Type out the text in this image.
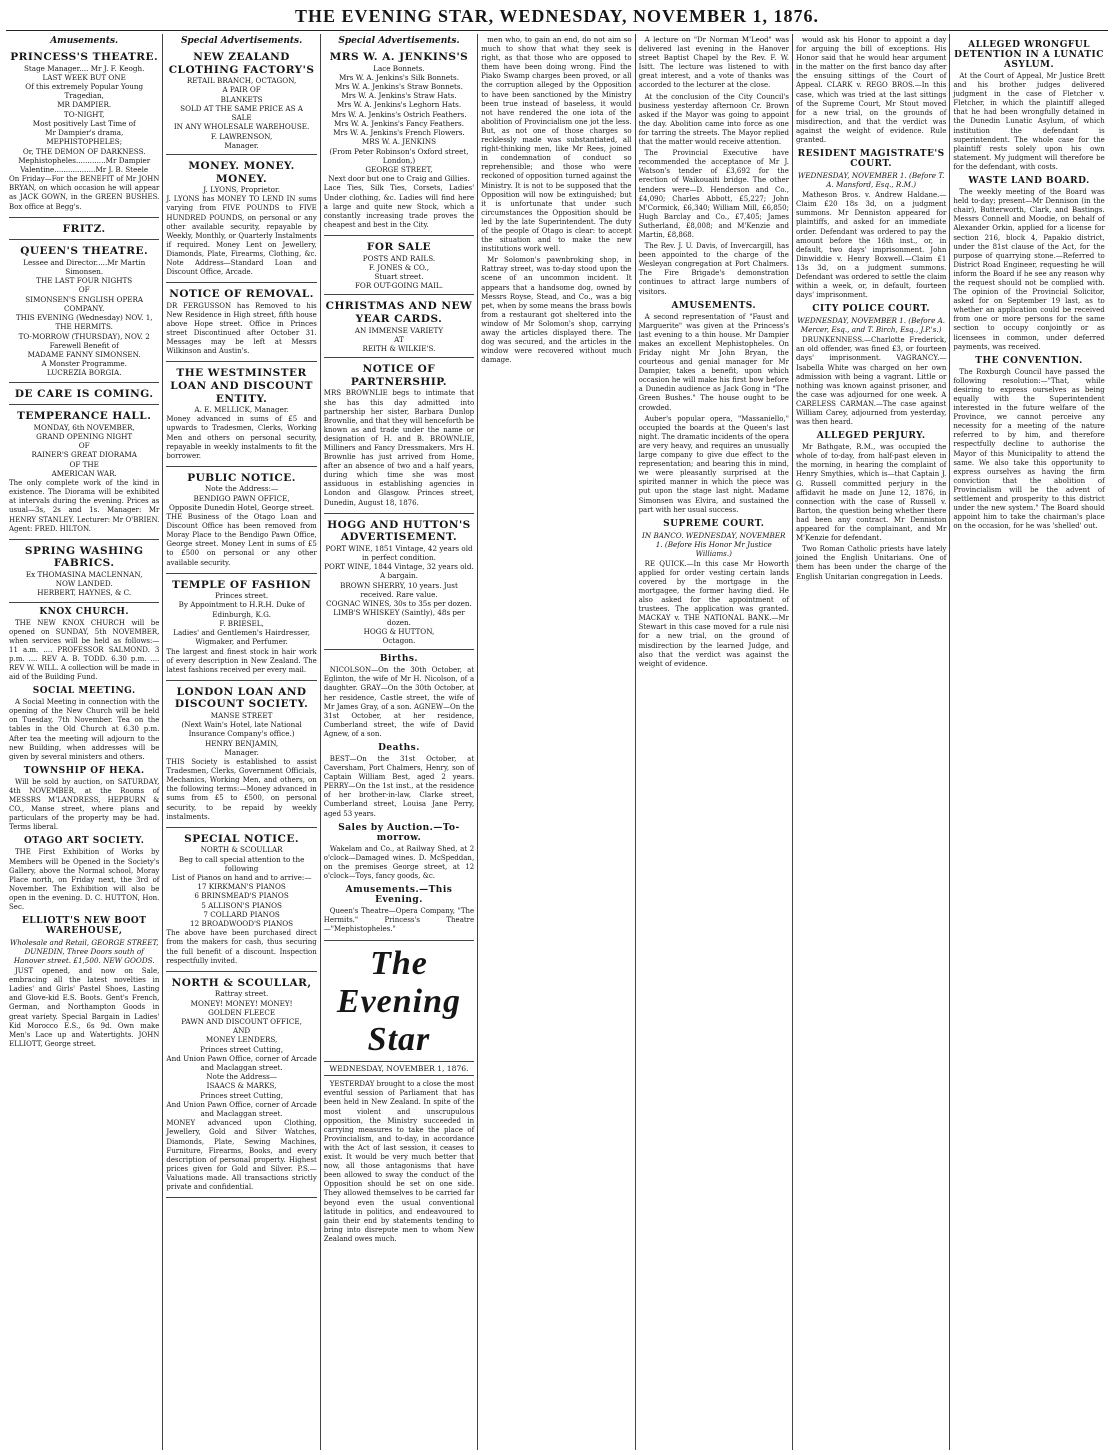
THE EVENING STAR, WEDNESDAY, NOVEMBER 1, 1876.
Amusements.
PRINCESS'S THEATRE.

Stage Manager.... Mr J. F. Keogh.

LAST WEEK BUT ONE

Of this extremely Popular Young Tragedian,

MR DAMPIER.

TO-NIGHT,

Most positively Last Time of

Mr Dampier's drama,

MEPHISTOPHELES;

Or, THE DEMON OF DARKNESS.

Mephistopheles.............Mr Dampier

Valentine..................Mr J. B. Steele

On Friday—For the BENEFIT of Mr JOHN BRYAN, on which occasion he will appear as JACK GOWN, in the GREEN BUSHES. Box office at Begg's.

FRITZ.
QUEEN'S THEATRE.

Lessee and Director.....Mr Martin Simonsen.

THE LAST FOUR NIGHTS

OF

SIMONSEN'S ENGLISH OPERA COMPANY.

THIS EVENING (Wednesday) NOV. 1,

THE HERMITS.

TO-MORROW (THURSDAY), NOV. 2

Farewell Benefit of

MADAME FANNY SIMONSEN.

A Monster Programme.

LUCREZIA BORGIA.

DE CARE IS COMING.
TEMPERANCE HALL.

MONDAY, 6th NOVEMBER,

GRAND OPENING NIGHT

OF

RAINER'S GREAT DIORAMA

OF THE

AMERICAN WAR.

The only complete work of the kind in existence. The Diorama will be exhibited at intervals during the evening. Prices as usual—3s, 2s and 1s. Manager: Mr HENRY STANLEY. Lecturer: Mr O'BRIEN. Agent: FRED. HILTON.

SPRING WASHING FABRICS.

Ex THOMASINA MACLENNAN,

NOW LANDED.

HERBERT, HAYNES, & C.

KNOX CHURCH.

THE NEW KNOX CHURCH will be opened on SUNDAY, 5th NOVEMBER, when services will be held as follows:— 11 a.m. .... PROFESSOR SALMOND. 3 p.m. .... REV A. B. TODD. 6.30 p.m. .... REV W. WILL. A collection will be made in aid of the Building Fund.

SOCIAL MEETING.

A Social Meeting in connection with the opening of the New Church will be held on Tuesday, 7th November. Tea on the tables in the Old Church at 6.30 p.m. After tea the meeting will adjourn to the new Building, when addresses will be given by several ministers and others.

TOWNSHIP OF HEKA.

Will be sold by auction, on SATURDAY, 4th NOVEMBER, at the Rooms of MESSRS M'LANDRESS, HEPBURN & CO., Manse street, where plans and particulars of the property may be had. Terms liberal.

OTAGO ART SOCIETY.

THE First Exhibition of Works by Members will be Opened in the Society's Gallery, above the Normal school, Moray Place north, on Friday next, the 3rd of November. The Exhibition will also be open in the evening. D. C. HUTTON, Hon. Sec.

ELLIOTT'S NEW BOOT WAREHOUSE,
Wholesale and Retail, GEORGE STREET, DUNEDIN, Three Doors south of Hanover street. £1,500. NEW GOODS.

JUST opened, and now on Sale, embracing all the latest novelties in Ladies' and Girls' Pastel Shoes, Lasting and Glove-kid E.S. Boots. Gent's French, German, and Northampton Goods in great variety. Special Bargain in Ladies' Kid Morocco E.S., 6s 9d. Own make Men's Lace up and Watertights. JOHN ELLIOTT, George street.

Special Advertisements.
NEW ZEALAND CLOTHING FACTORY'S

RETAIL BRANCH, OCTAGON,

A PAIR OF

BLANKETS

SOLD AT THE SAME PRICE AS A

SALE

IN ANY WHOLESALE WAREHOUSE.

F. LAWRENSON,

Manager.

MONEY. MONEY. MONEY.

J. LYONS, Proprietor.

J. LYONS has MONEY TO LEND IN sums varying from FIVE POUNDS to FIVE HUNDRED POUNDS, on personal or any other available security, repayable by Weekly, Monthly, or Quarterly Instalments if required. Money Lent on Jewellery, Diamonds, Plate, Firearms, Clothing, &c. Note Address—Standard Loan and Discount Office, Arcade.

NOTICE OF REMOVAL.

DR FERGUSSON has Removed to his New Residence in High street, fifth house above Hope street. Office in Princes street Discontinued after October 31. Messages may be left at Messrs Wilkinson and Austin's.

THE WESTMINSTER LOAN AND DISCOUNT ENTITY.

A. E. MELLICK, Manager.

Money advanced in sums of £5 and upwards to Tradesmen, Clerks, Working Men and others on personal security, repayable in weekly instalments to fit the borrower.

PUBLIC NOTICE.

Note the Address:—

BENDIGO PAWN OFFICE,

Opposite Dunedin Hotel, George street.

THE Business of the Otago Loan and Discount Office has been removed from Moray Place to the Bendigo Pawn Office, George street. Money Lent in sums of £5 to £500 on personal or any other available security.

TEMPLE OF FASHION

Princes street.

By Appointment to H.R.H. Duke of Edinburgh, K.G.

F. BRIESEL,

Ladies' and Gentlemen's Hairdresser, Wigmaker, and Perfumer.

The largest and finest stock in hair work of every description in New Zealand. The latest fashions received per every mail.

LONDON LOAN AND DISCOUNT SOCIETY.

MANSE STREET

(Next Wain's Hotel, late National Insurance Company's office.)

HENRY BENJAMIN,

Manager.

THIS Society is established to assist Tradesmen, Clerks, Government Officials, Mechanics, Working Men, and others, on the following terms:—Money advanced in sums from £5 to £500, on personal security, to be repaid by weekly instalments.

SPECIAL NOTICE.

NORTH & SCOULLAR

Beg to call special attention to the following

List of Pianos on hand and to arrive:—

17 KIRKMAN'S PIANOS

6 BRINSMEAD'S PIANOS

5 ALLISON'S PIANOS

7 COLLARD PIANOS

12 BROADWOOD'S PIANOS

The above have been purchased direct from the makers for cash, thus securing the full benefit of a discount. Inspection respectfully invited.

NORTH & SCOULLAR,

Rattray street.

MONEY! MONEY! MONEY!

GOLDEN FLEECE

PAWN AND DISCOUNT OFFICE,

AND

MONEY LENDERS,

Princes street Cutting,

And Union Pawn Office, corner of Arcade and Maclaggan street.

Note the Address—

ISAACS & MARKS,

Princes street Cutting,

And Union Pawn Office, corner of Arcade and Maclaggan street.

MONEY advanced upon Clothing, Jewellery, Gold and Silver Watches, Diamonds, Plate, Sewing Machines, Furniture, Firearms, Books, and every description of personal property. Highest prices given for Gold and Silver. P.S.—Valuations made. All transactions strictly private and confidential.

Special Advertisements.
MRS W. A. JENKINS'S

Lace Bonnets.

Mrs W. A. Jenkins's Silk Bonnets.

Mrs W. A. Jenkins's Straw Bonnets.

Mrs W. A. Jenkins's Straw Hats.

Mrs W. A. Jenkins's Leghorn Hats.

Mrs W. A. Jenkins's Ostrich Feathers.

Mrs W. A. Jenkins's Fancy Feathers.

Mrs W. A. Jenkins's French Flowers.

MRS W. A. JENKINS

(From Peter Robinson's Oxford street, London,)

GEORGE STREET,

Next door but one to Craig and Gillies.

Lace Ties, Silk Ties, Corsets, Ladies' Under clothing, &c. Ladies will find here a large and quite new Stock, which a constantly increasing trade proves the cheapest and best in the City.

FOR SALE

POSTS AND RAILS.

F. JONES & CO.,

Stuart street.

FOR OUT-GOING MAIL.

CHRISTMAS AND NEW YEAR CARDS.

AN IMMENSE VARIETY

AT

REITH & WILKIE'S.

NOTICE OF PARTNERSHIP.

MRS BROWNLIE begs to intimate that she has this day admitted into partnership her sister, Barbara Dunlop Brownlie, and that they will henceforth be known as and trade under the name or designation of H. and B. BROWNLIE, Milliners and Fancy Dressmakers. Mrs H. Brownlie has just arrived from Home, after an absence of two and a half years, during which time she was most assiduous in establishing agencies in London and Glasgow. Princes street, Dunedin, August 18, 1876.

HOGG AND HUTTON'S ADVERTISEMENT.

PORT WINE, 1851 Vintage, 42 years old in perfect condition.

PORT WINE, 1844 Vintage, 32 years old. A bargain.

BROWN SHERRY, 10 years. Just received. Rare value.

COGNAC WINES, 30s to 35s per dozen.

LIMB'S WHISKEY (Saintly), 48s per dozen.

HOGG & HUTTON,

Octagon.

Births.

NICOLSON—On the 30th October, at Eglinton, the wife of Mr H. Nicolson, of a daughter. GRAY—On the 30th October, at her residence, Castle street, the wife of Mr James Gray, of a son. AGNEW—On the 31st October, at her residence, Cumberland street, the wife of David Agnew, of a son.

Deaths.

BEST—On the 31st October, at Caversham, Port Chalmers, Henry, son of Captain William Best, aged 2 years. PERRY—On the 1st inst., at the residence of her brother-in-law, Clarke street, Cumberland street, Louisa Jane Perry, aged 53 years.

Sales by Auction.—To-morrow.

Wakelam and Co., at Railway Shed, at 2 o'clock—Damaged wines. D. McSpeddan, on the premises George street, at 12 o'clock—Toys, fancy goods, &c.

Amusements.—This Evening.

Queen's Theatre—Opera Company, "The Hermits." Princess's Theatre—"Mephistopheles."

The Evening Star
WEDNESDAY, NOVEMBER 1, 1876.

YESTERDAY brought to a close the most eventful session of Parliament that has been held in New Zealand. In spite of the most violent and unscrupulous opposition, the Ministry succeeded in carrying measures to take the place of Provincialism, and to-day, in accordance with the Act of last session, it ceases to exist. It would be very much better that now, all those antagonisms that have been allowed to sway the conduct of the Opposition should be set on one side. They allowed themselves to be carried far beyond even the usual conventional latitude in politics, and endeavoured to gain their end by statements tending to bring into disrepute men to whom New Zealand owes much.

men who, to gain an end, do not aim so much to show that what they seek is right, as that those who are opposed to them have been doing wrong. Find the Piako Swamp charges been proved, or all the corruption alleged by the Opposition to have been sanctioned by the Ministry been true instead of baseless, it would not have rendered the one iota of the abolition of Provincialism one jot the less. But, as not one of those charges so recklessly made was substantiated, all right-thinking men, like Mr Rees, joined in condemnation of conduct so reprehensible; and those who were reckoned of opposition turned against the Ministry. It is not to be supposed that the Opposition will now be extinguished; but it is unfortunate that under such circumstances the Opposition should be led by the late Superintendent. The duty of the people of Otago is clear: to accept the situation and to make the new institutions work well.

Mr Solomon's pawnbroking shop, in Rattray street, was to-day stood upon the scene of an uncommon incident. It appears that a handsome dog, owned by Messrs Royse, Stead, and Co., was a big pet, when by some means the brass bowls from a restaurant got sheltered into the window of Mr Solomon's shop, carrying away the articles displayed there. The dog was secured, and the articles in the window were recovered without much damage.

A lecture on "Dr Norman M'Leod" was delivered last evening in the Hanover street Baptist Chapel by the Rev. F. W. Isitt. The lecture was listened to with great interest, and a vote of thanks was accorded to the lecturer at the close.

At the conclusion of the City Council's business yesterday afternoon Cr. Brown asked if the Mayor was going to appoint the day. Abolition came into force as one for tarring the streets. The Mayor replied that the matter would receive attention.

The Provincial Executive have recommended the acceptance of Mr J. Watson's tender of £3,692 for the erection of Waikouaiti bridge. The other tenders were—D. Henderson and Co., £4,090; Charles Abbott, £5,227; John M'Cormick, £6,340; William Mill, £6,850; Hugh Barclay and Co., £7,405; James Sutherland, £8,008; and M'Kenzie and Martin, £8,868.

The Rev. J. U. Davis, of Invercargill, has been appointed to the charge of the Wesleyan congregation at Port Chalmers. The Fire Brigade's demonstration continues to attract large numbers of visitors.

AMUSEMENTS.

A second representation of "Faust and Marguerite" was given at the Princess's last evening to a thin house. Mr Dampier makes an excellent Mephistopheles. On Friday night Mr John Bryan, the courteous and genial manager for Mr Dampier, takes a benefit, upon which occasion he will make his first bow before a Dunedin audience as Jack Gong in "The Green Bushes." The house ought to be crowded.

Auber's popular opera, "Massaniello," occupied the boards at the Queen's last night. The dramatic incidents of the opera are very heavy, and requires an unusually large company to give due effect to the representation; and bearing this in mind, we were pleasantly surprised at the spirited manner in which the piece was put upon the stage last night. Madame Simonsen was Elvira, and sustained the part with her usual success.

SUPREME COURT.
IN BANCO. WEDNESDAY, NOVEMBER 1. (Before His Honor Mr Justice Williams.)

RE QUICK.—In this case Mr Howorth applied for order vesting certain lands covered by the mortgage in the mortgagee, the former having died. He also asked for the appointment of trustees. The application was granted. MACKAY v. THE NATIONAL BANK.—Mr Stewart in this case moved for a rule nisi for a new trial, on the ground of misdirection by the learned Judge, and also that the verdict was against the weight of evidence.

would ask his Honor to appoint a day for arguing the bill of exceptions. His Honor said that he would hear argument in the matter on the first banco day after the ensuing sittings of the Court of Appeal. CLARK v. REGO BROS.—In this case, which was tried at the last sittings of the Supreme Court, Mr Stout moved for a new trial, on the grounds of misdirection, and that the verdict was against the weight of evidence. Rule granted.

RESIDENT MAGISTRATE'S COURT.
WEDNESDAY, NOVEMBER 1. (Before T. A. Mansford, Esq., R.M.)

Matheson Bros. v. Andrew Haldane.—Claim £20 18s 3d, on a judgment summons. Mr Denniston appeared for plaintiffs, and asked for an immediate order. Defendant was ordered to pay the amount before the 16th inst., or, in default, two days' imprisonment. John Dinwiddie v. Henry Boxwell.—Claim £1 13s 3d, on a judgment summons. Defendant was ordered to settle the claim within a week, or, in default, fourteen days' imprisonment.

CITY POLICE COURT.
WEDNESDAY, NOVEMBER 1. (Before A. Mercer, Esq., and T. Birch, Esq., J.P.'s.)

DRUNKENNESS.—Charlotte Frederick, an old offender, was fined £3, or fourteen days' imprisonment. VAGRANCY.—Isabella White was charged on her own admission with being a vagrant. Little or nothing was known against prisoner, and the case was adjourned for one week. A CARELESS CARMAN.—The case against William Carey, adjourned from yesterday, was then heard.

ALLEGED PERJURY.

Mr Bathgate, R.M., was occupied the whole of to-day, from half-past eleven in the morning, in hearing the complaint of Henry Smythies, which is—that Captain J. G. Russell committed perjury in the affidavit he made on June 12, 1876, in connection with the case of Russell v. Barton, the question being whether there had been any contract. Mr Denniston appeared for the complainant, and Mr M'Kenzie for defendant.

Two Roman Catholic priests have lately joined the English Unitarians. One of them has been under the charge of the English Unitarian congregation in Leeds.

ALLEGED WRONGFUL DETENTION IN A LUNATIC ASYLUM.

At the Court of Appeal, Mr Justice Brett and his brother judges delivered judgment in the case of Fletcher v. Fletcher, in which the plaintiff alleged that he had been wrongfully detained in the Dunedin Lunatic Asylum, of which institution the defendant is superintendent. The whole case for the plaintiff rests solely upon his own statement. My judgment will therefore be for the defendant, with costs.

WASTE LAND BOARD.

The weekly meeting of the Board was held to-day; present—Mr Dennison (in the chair), Butterworth, Clark, and Bastings. Messrs Connell and Moodie, on behalf of Alexander Orkin, applied for a license for section 216, block 4, Papakio district, under the 81st clause of the Act, for the purpose of quarrying stone.—Referred to District Road Engineer, requesting he will inform the Board if he see any reason why the request should not be complied with. The opinion of the Provincial Solicitor, asked for on September 19 last, as to whether an application could be received from one or more persons for the same section to occupy conjointly or as licensees in common, under deferred payments, was received.

THE CONVENTION.

The Roxburgh Council have passed the following resolution:—"That, while desiring to express ourselves as being equally with the Superintendent interested in the future welfare of the Province, we cannot perceive any necessity for a meeting of the nature referred to by him, and therefore respectfully decline to authorise the Mayor of this Municipality to attend the same. We also take this opportunity to express ourselves as having the firm conviction that the abolition of Provincialism will be the advent of settlement and prosperity to this district under the new system." The Board should appoint him to take the chairman's place on the occasion, for he was 'shelled' out.
